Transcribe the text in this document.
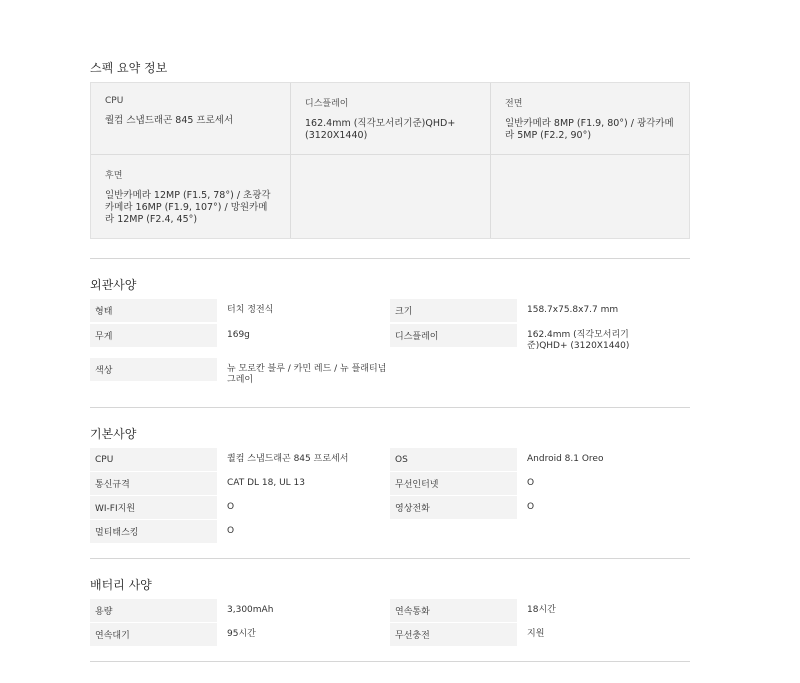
스펙 요약 정보
CPU
퀄컴 스냅드래곤 845 프로세서
디스플레이
162.4mm (직각모서리기준)QHD+ (3120X1440)
전면
일반카메라 8MP (F1.9, 80°) / 광각카메라 5MP (F2.2, 90°)
후면
일반카메라 12MP (F1.5, 78°) / 초광각카메라 16MP (F1.9, 107°) / 망원카메라 12MP (F2.4, 45°)
외관사양
형태	터치 정전식	크기	158.7x75.8x7.7 mm
무게	169g	디스플레이	162.4mm (직각모서리기준)QHD+ (3120X1440)
색상	뉴 모로칸 블루 / 카민 레드 / 뉴 플래티넘 그레이
기본사양
CPU	퀄컴 스냅드래곤 845 프로세서	OS	Android 8.1 Oreo
통신규격	CAT DL 18, UL 13	무선인터넷	O
WI-FI지원	O	영상전화	O
멀티태스킹	O
배터리 사양
용량	3,300mAh	연속통화	18시간
연속대기	95시간	무선충전	지원
